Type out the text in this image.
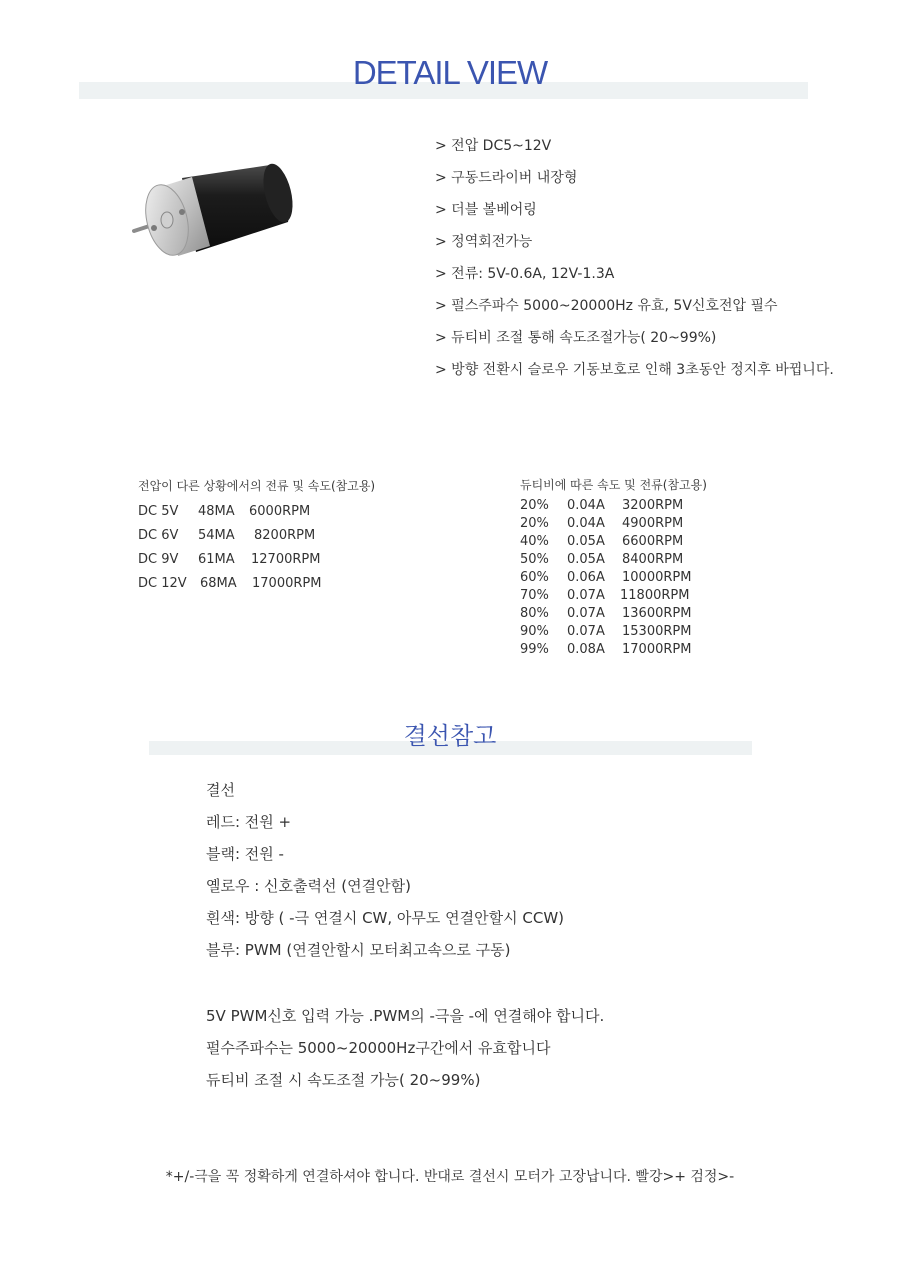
DETAIL VIEW
> 전압 DC5~12V
> 구동드라이버 내장형
> 더블 볼베어링
> 정역회전가능
> 전류: 5V-0.6A, 12V-1.3A
> 펄스주파수 5000~20000Hz 유효, 5V신호전압 필수
> 듀티비 조절 통해 속도조절가능( 20~99%)
> 방향 전환시 슬로우 기동보호로 인해 3초동안 정지후 바뀝니다.
전압이 다른 상황에서의 전류 및 속도(참고용)
DC 5V 48MA 6000RPM
DC 6V 54MA 8200RPM
DC 9V 61MA 12700RPM
DC 12V 68MA 17000RPM
듀티비에 따른 속도 및 전류(참고용)
20% 0.04A 3200RPM
20% 0.04A 4900RPM
40% 0.05A 6600RPM
50% 0.05A 8400RPM
60% 0.06A 10000RPM
70% 0.07A 11800RPM
80% 0.07A 13600RPM
90% 0.07A 15300RPM
99% 0.08A 17000RPM
결선참고
결선
레드: 전원 +
블랙: 전원 -
옐로우 : 신호출력선 (연결안함)
흰색: 방향 ( -극 연결시 CW, 아무도 연결안할시 CCW)
블루: PWM (연결안할시 모터최고속으로 구동)
5V PWM신호 입력 가능 .PWM의 -극을 -에 연결해야 합니다.
펄수주파수는 5000~20000Hz구간에서 유효합니다
듀티비 조절 시 속도조절 가능( 20~99%)
*+/-극을 꼭 정확하게 연결하셔야 합니다. 반대로 결선시 모터가 고장납니다. 빨강>+ 검정>-
